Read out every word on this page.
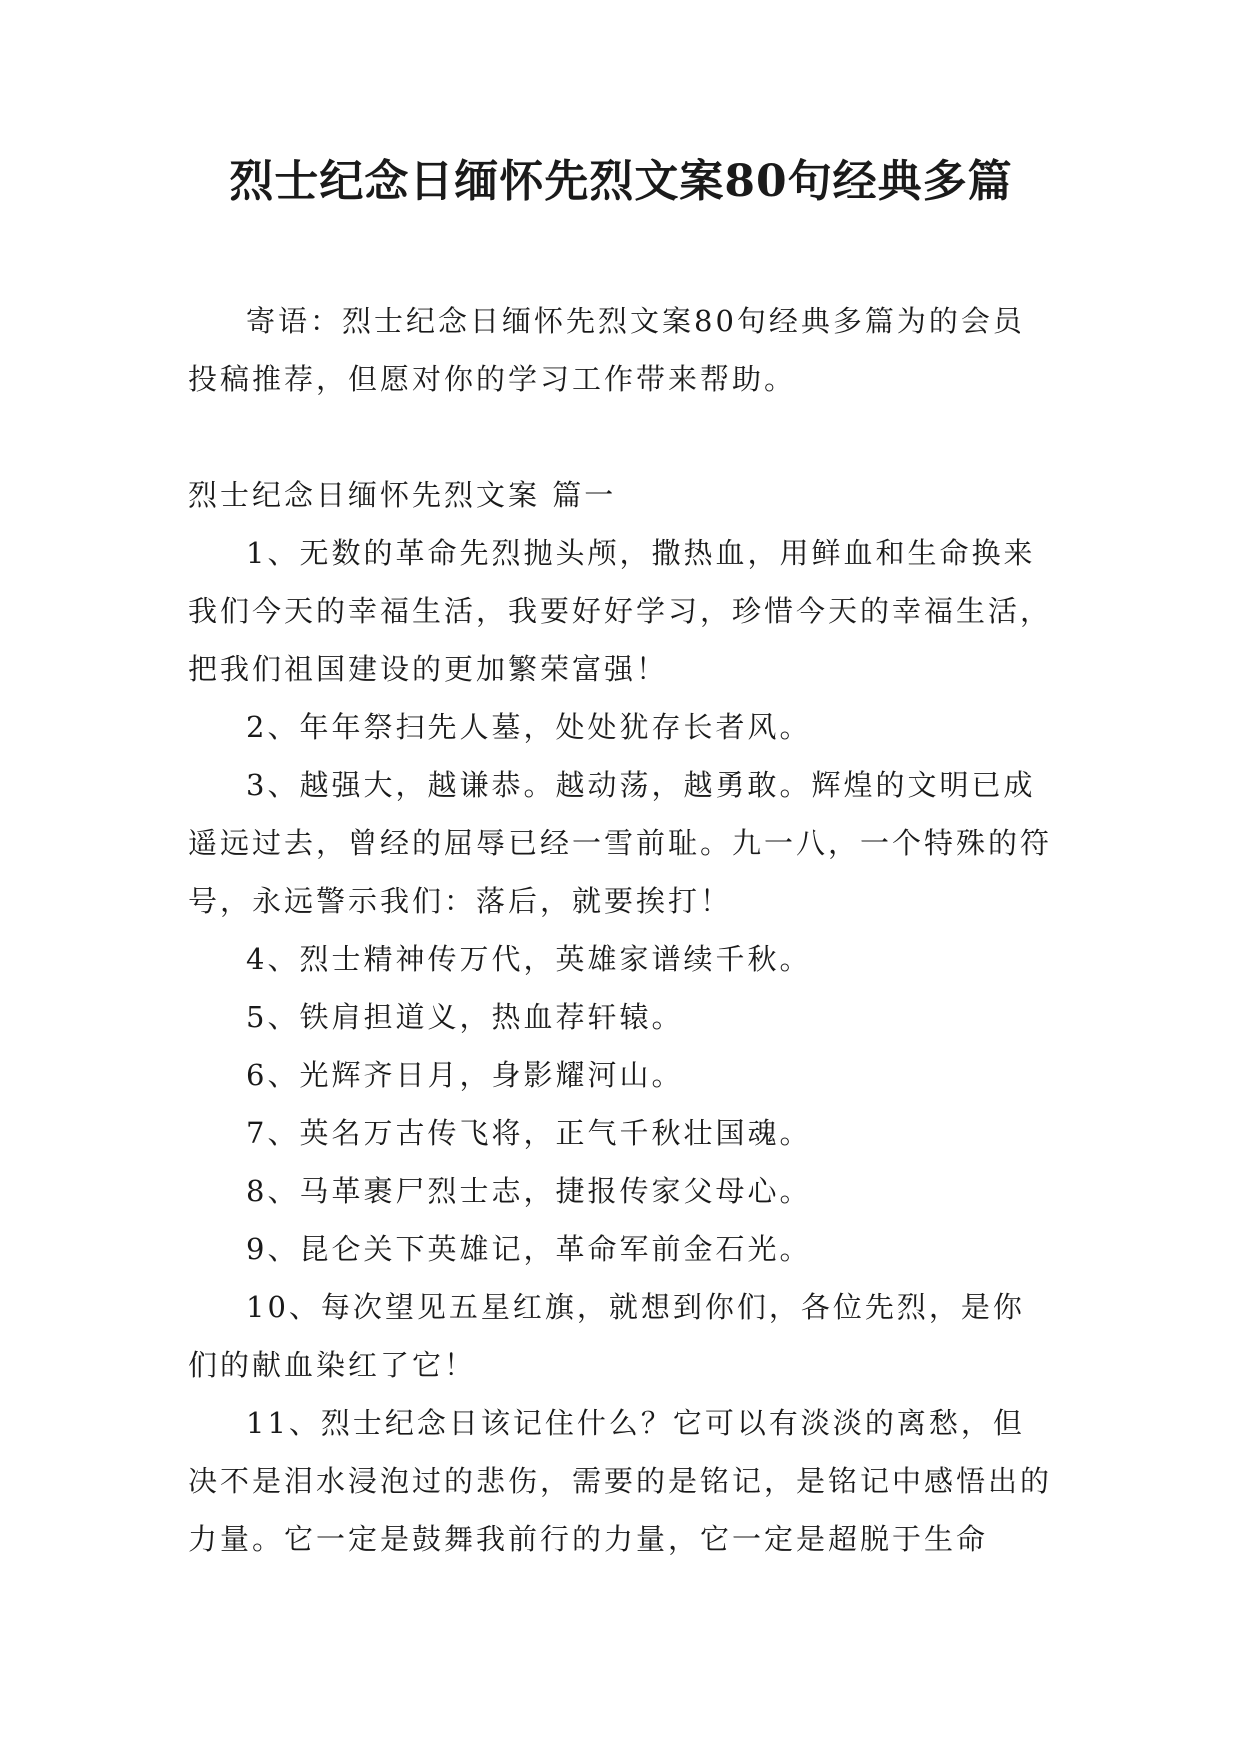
烈士纪念日缅怀先烈文案80句经典多篇

寄语：烈士纪念日缅怀先烈文案80句经典多篇为的会员投稿推荐，但愿对你的学习工作带来帮助。

烈士纪念日缅怀先烈文案 篇一

1、无数的革命先烈抛头颅，撒热血，用鲜血和生命换来我们今天的幸福生活，我要好好学习，珍惜今天的幸福生活，把我们祖国建设的更加繁荣富强！

2、年年祭扫先人墓，处处犹存长者风。

3、越强大，越谦恭。越动荡，越勇敢。辉煌的文明已成遥远过去，曾经的屈辱已经一雪前耻。九一八，一个特殊的符号，永远警示我们：落后，就要挨打！

4、烈士精神传万代，英雄家谱续千秋。

5、铁肩担道义，热血荐轩辕。

6、光辉齐日月，身影耀河山。

7、英名万古传飞将，正气千秋壮国魂。

8、马革裹尸烈士志，捷报传家父母心。

9、昆仑关下英雄记，革命军前金石光。

10、每次望见五星红旗，就想到你们，各位先烈，是你们的献血染红了它！

11、烈士纪念日该记住什么？它可以有淡淡的离愁，但决不是泪水浸泡过的悲伤，需要的是铭记，是铭记中感悟出的力量。它一定是鼓舞我前行的力量，它一定是超脱于生命
